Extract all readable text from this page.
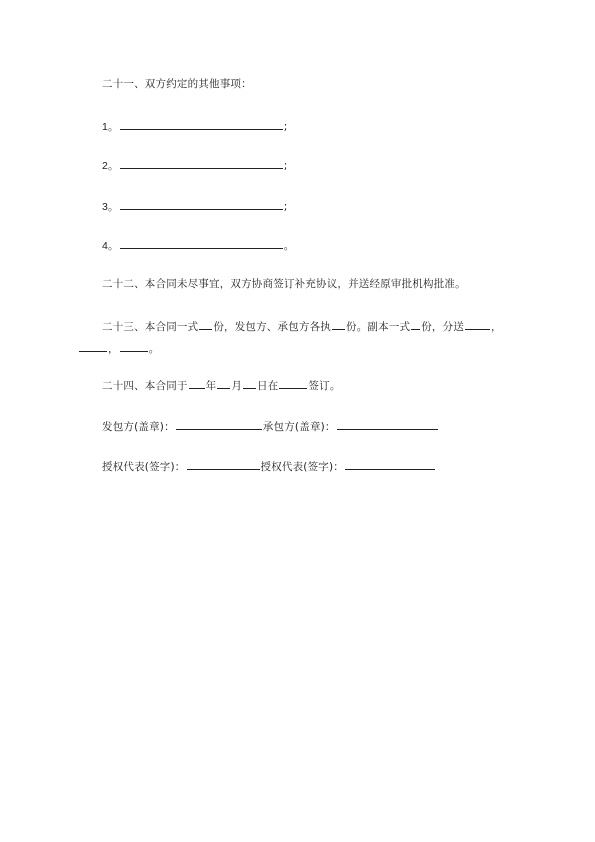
二十一、双方约定的其他事项：
1。	;
2。	;
3。	;
4。	。
二十二、本合同未尽事宜，双方协商签订补充协议，并送经原审批机构批准。
二十三、本合同一式 份，发包方、承包方各执 份。副本一式 份，分送	，
，	。
二十四、本合同于 年 月 日在	签订。
发包方(盖章)：	承包方(盖章)：
授权代表(签字)：	授权代表(签字)：
